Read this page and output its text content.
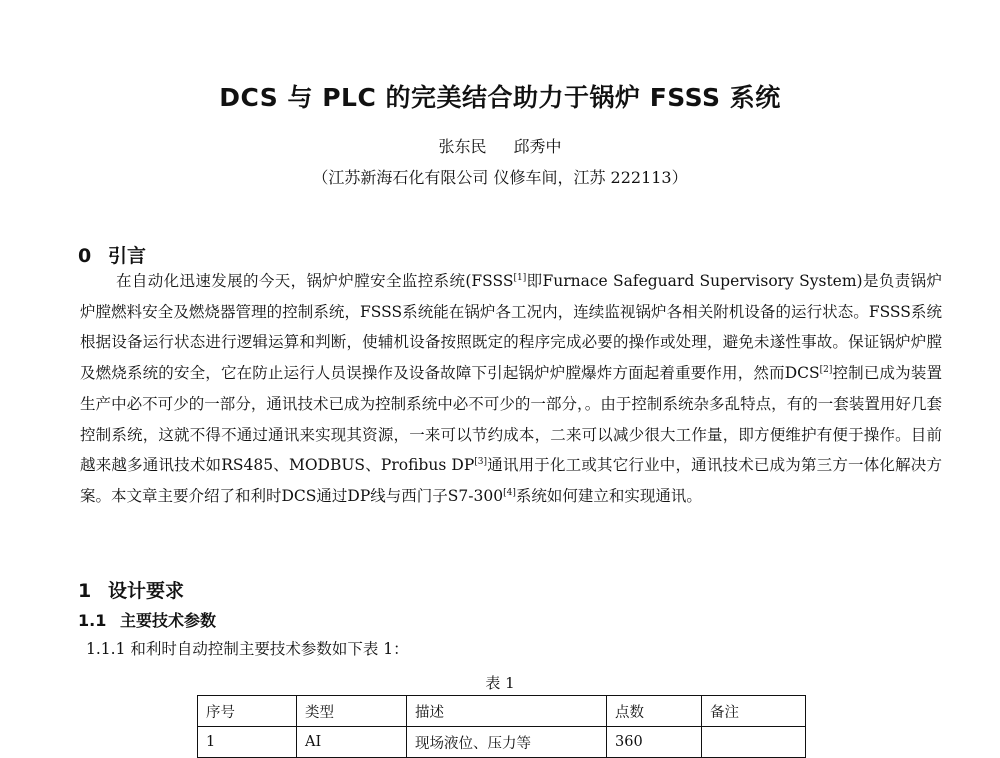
DCS 与 PLC 的完美结合助力于锅炉 FSSS 系统
张东民 邱秀中
（江苏新海石化有限公司 仪修车间，江苏 222113）
0 引言

在自动化迅速发展的今天，锅炉炉膛安全监控系统(FSSS[1]即Furnace Safeguard Supervisory System)是负责锅炉炉膛燃料安全及燃烧器管理的控制系统，FSSS系统能在锅炉各工况内，连续监视锅炉各相关附机设备的运行状态。FSSS系统根据设备运行状态进行逻辑运算和判断，使辅机设备按照既定的程序完成必要的操作或处理，避免未遂性事故。保证锅炉炉膛及燃烧系统的安全，它在防止运行人员误操作及设备故障下引起锅炉炉膛爆炸方面起着重要作用，然而DCS[2]控制已成为装置生产中必不可少的一部分，通讯技术已成为控制系统中必不可少的一部分，。由于控制系统杂多乱特点，有的一套装置用好几套控制系统，这就不得不通过通讯来实现其资源，一来可以节约成本，二来可以减少很大工作量，即方便维护有便于操作。目前越来越多通讯技术如RS485、MODBUS、Profibus DP[3]通讯用于化工或其它行业中，通讯技术已成为第三方一体化解决方案。本文章主要介绍了和利时DCS通过DP线与西门子S7-300[4]系统如何建立和实现通讯。

1 设计要求
1.1 主要技术参数
1.1.1 和利时自动控制主要技术参数如下表 1：
表 1
序号	类型	描述	点数	备注
1	AI	现场液位、压力等	360	
